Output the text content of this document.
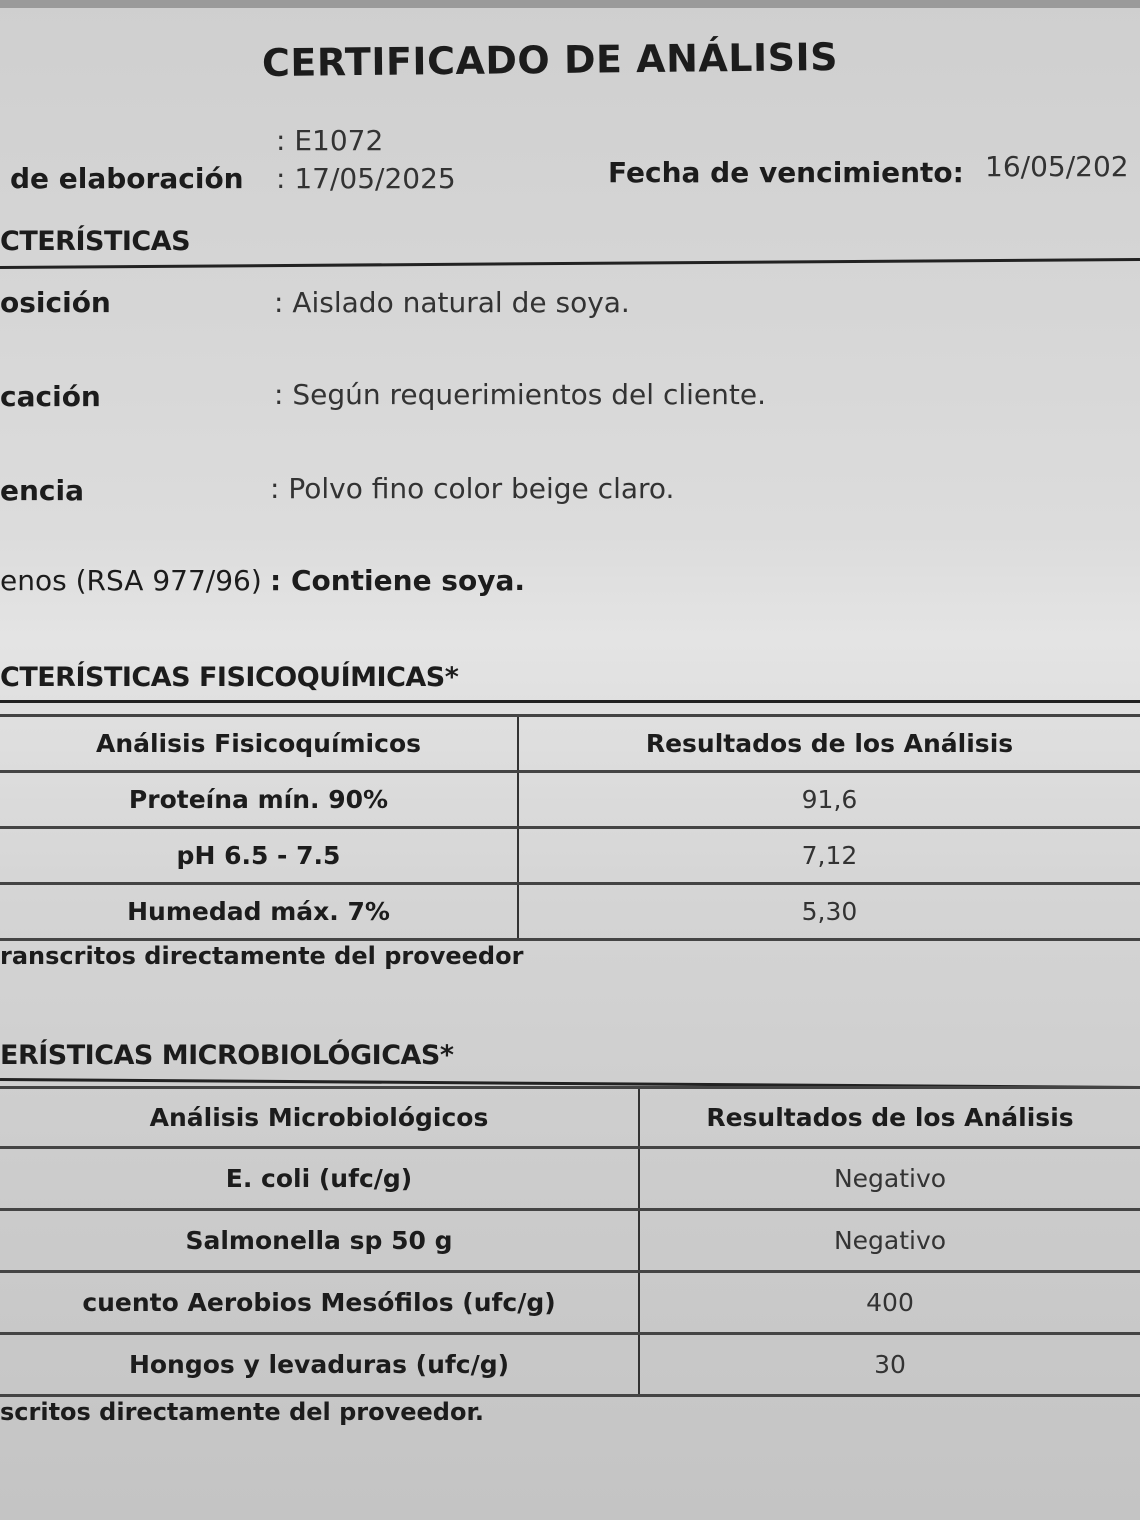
CERTIFICADO DE ANÁLISIS
: E1072
de elaboración : 17/05/2025	Fecha de vencimiento: 16/05/202
CTERÍSTICAS
osición	: Aislado natural de soya.
cación	: Según requerimientos del cliente.
encia	: Polvo fino color beige claro.
enos (RSA 977/96) : Contiene soya.
CTERÍSTICAS FISICOQUÍMICAS*
Análisis Fisicoquímicos	Resultados de los Análisis
Proteína mín. 90%	91,6
pH 6.5 - 7.5	7,12
Humedad máx. 7%	5,30
ranscritos directamente del proveedor
ERÍSTICAS MICROBIOLÓGICAS*
Análisis Microbiológicos	Resultados de los Análisis
E. coli (ufc/g)	Negativo
Salmonella sp 50 g	Negativo
cuento Aerobios Mesófilos (ufc/g)	400
Hongos y levaduras (ufc/g)	30
scritos directamente del proveedor.
